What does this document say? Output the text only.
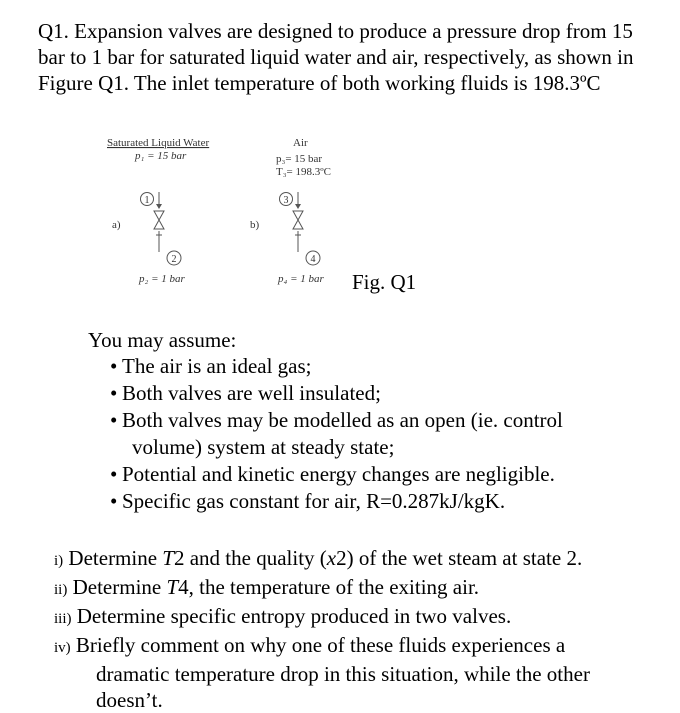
Q1. Expansion valves are designed to produce a pressure drop from 15 bar to 1 bar for saturated liquid water and air, respectively, as shown in Figure Q1. The inlet temperature of both working fluids is 198.3ºC

Saturated Liquid Water
p₁ = 15 bar
1
2
a)
p₂ = 1 bar
Air
p₃= 15 bar
T₃= 198.3ºC
3
4
b)
p₄ = 1 bar Fig. Q1
You may assume:
• The air is an ideal gas;
• Both valves are well insulated;
• Both valves may be modelled as an open (ie. control
volume) system at steady state;
• Potential and kinetic energy changes are negligible.
• Specific gas constant for air, R=0.287kJ/kgK.
i) Determine T2 and the quality (x2) of the wet steam at state 2.
ii) Determine T4, the temperature of the exiting air.
iii) Determine specific entropy produced in two valves.
iv) Briefly comment on why one of these fluids experiences a
dramatic temperature drop in this situation, while the other
doesn’t.
